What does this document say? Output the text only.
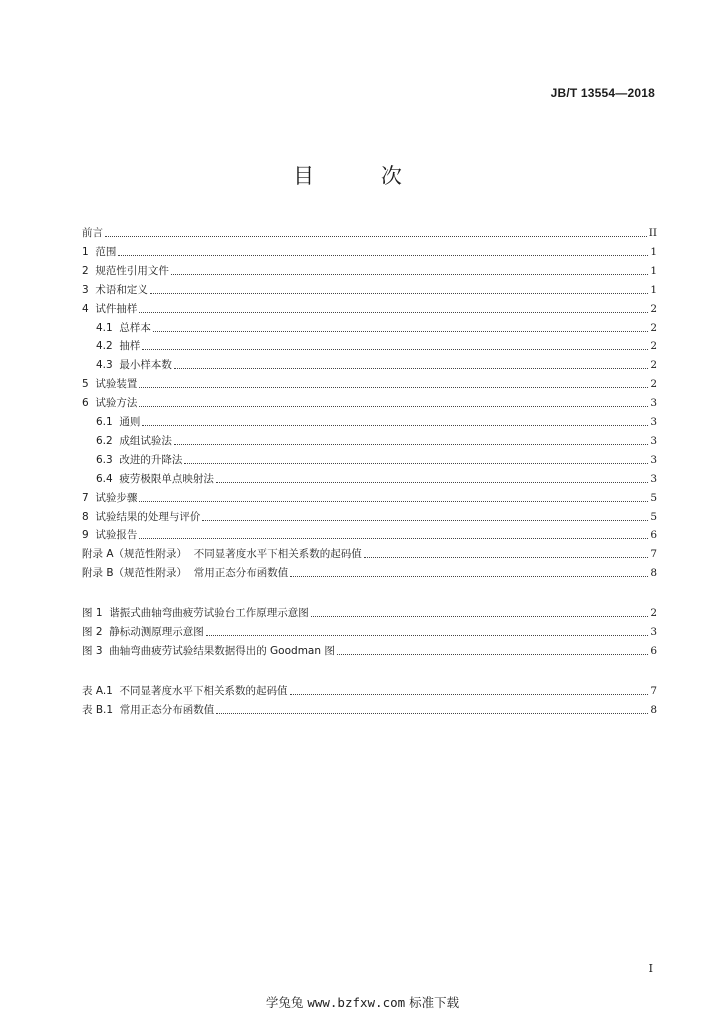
JB/T 13554—2018
目 次
前言	II
1 范围	1
2 规范性引用文件	1
3 术语和定义	1
4 试件抽样	2
4.1 总样本	2
4.2 抽样	2
4.3 最小样本数	2
5 试验装置	2
6 试验方法	3
6.1 通则	3
6.2 成组试验法	3
6.3 改进的升降法	3
6.4 疲劳极限单点映射法	3
7 试验步骤	5
8 试验结果的处理与评价	5
9 试验报告	6
附录 A（规范性附录） 不同显著度水平下相关系数的起码值	7
附录 B（规范性附录） 常用正态分布函数值	8
图 1 谐振式曲轴弯曲疲劳试验台工作原理示意图	2
图 2 静标动测原理示意图	3
图 3 曲轴弯曲疲劳试验结果数据得出的 Goodman 图	6
表 A.1 不同显著度水平下相关系数的起码值	7
表 B.1 常用正态分布函数值	8
I
学兔兔 www.bzfxw.com 标准下载
